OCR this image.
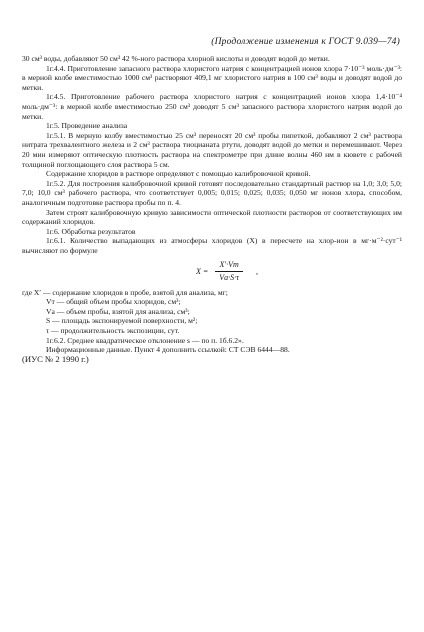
(Продолжение изменения к ГОСТ 9.039—74)

30 см³ воды, добавляют 50 см³ 42 %-ного раствора хлорной кислоты и доводят водой до метки.

1г.4.4. Приготовление запасного раствора хлористого натрия с концентрацией ионов хлора 7·10⁻³ моль·дм⁻³: в мерной колбе вместимостью 1000 см³ растворяют 409,1 мг хлористого натрия в 100 см³ воды и доводят водой до метки.

1г.4.5. Приготовление рабочего раствора хлористого натрия с концентрацией ионов хлора 1,4·10⁻⁴ моль·дм⁻³: в мерной колбе вместимостью 250 см³ доводят 5 см³ запасного раствора хлористого натрия водой до метки.

1г.5. Проведение анализа

1г.5.1. В мерную колбу вместимостью 25 см³ переносят 20 см³ пробы пипеткой, добавляют 2 см³ раствора нитрата трехвалентного железа и 2 см³ раствора тиоцианата ртути, доводят водой до метки и перемешивают. Через 20 мин измеряют оптическую плотность раствора на спектрометре при длине волны 460 нм в кювете с рабочей толщиной поглощающего слоя раствора 5 см.

Содержание хлоридов в растворе определяют с помощью калибровочной кривой.

1г.5.2. Для построения калибровочной кривой готовят последовательно стандартный раствор на 1,0; 3,0; 5,0; 7,0; 10,0 см³ рабочего раствора, что соответствует 0,005; 0,015; 0,025; 0,035; 0,050 мг ионов хлора, способом, аналогичным подготовке раствора пробы по п. 4.

Затем строят калибровочную кривую зависимости оптической плотности растворов от соответствующих им содержаний хлоридов.

1г.6. Обработка результатов

1г.6.1. Количество выпадающих из атмосферы хлоридов (X) в пересчете на хлор-ион в мг·м⁻²·сут⁻¹ вычисляют по формуле

$X = \frac{X'\cdot Vт}{Vа\cdot S\cdot\tau}$ ,

где X′ — содержание хлоридов в пробе, взятой для анализа, мг;

Vт — общий объем пробы хлоридов, см³;

Vа — объем пробы, взятой для анализа, см³;

S — площадь экспонируемой поверхности, м²;

τ — продолжительность экспозиции, сут.

1г.6.2. Среднее квадратическое отклонение s — по п. 1б.6.2».

Информационные данные. Пункт 4 дополнить ссылкой: СТ СЭВ 6444—88.

(ИУС № 2 1990 г.)
